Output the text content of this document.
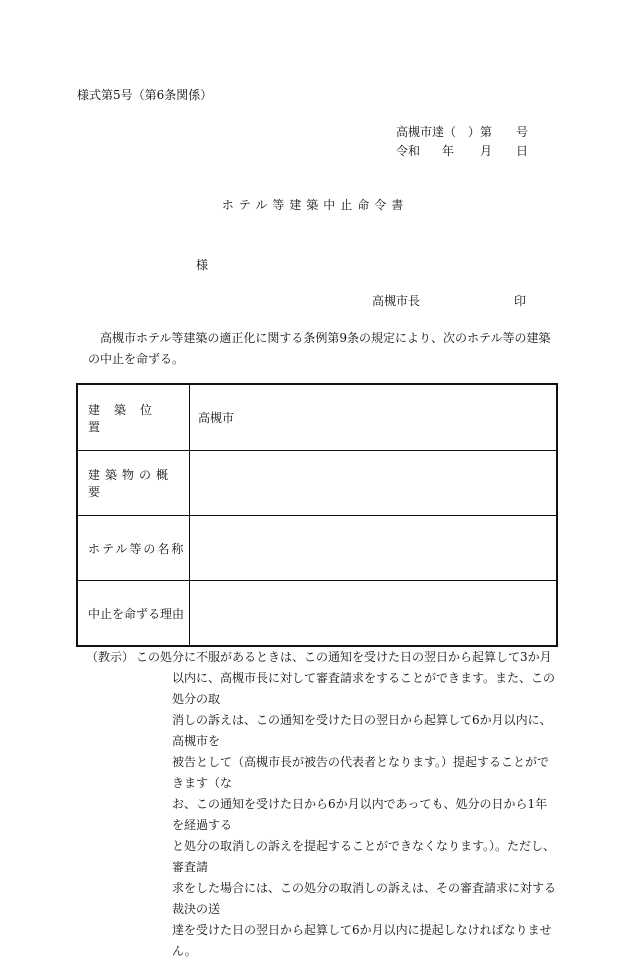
様式第5号（第6条関係）
高槻市達（　）第 号
令和 年 月 日
ホテル等建築中止命令書
様
高槻市長	印
高槻市ホテル等建築の適正化に関する条例第9条の規定により、次のホテル等の建築の中止を命ずる。
建築位置
高槻市
建築物の概要
ホテル等の名称
中止を命ずる理由
（教示） この処分に不服があるときは、この通知を受けた日の翌日から起算して3か月
以内に、高槻市長に対して審査請求をすることができます。また、この処分の取
消しの訴えは、この通知を受けた日の翌日から起算して6か月以内に、高槻市を
被告として（高槻市長が被告の代表者となります。）提起することができます（な
お、この通知を受けた日から6か月以内であっても、処分の日から1年を経過する
と処分の取消しの訴えを提起することができなくなります。）。ただし、審査請
求をした場合には、この処分の取消しの訴えは、その審査請求に対する裁決の送
達を受けた日の翌日から起算して6か月以内に提起しなければなりません。
